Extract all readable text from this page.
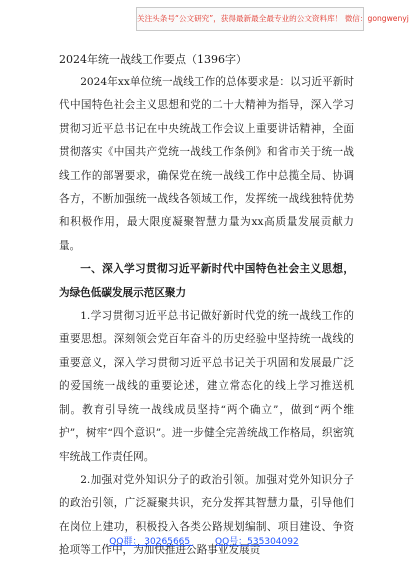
关注头条号“公文研究”，获得最新最全最专业的公文资料库！ 微信：gongwenyj
2024年统一战线工作要点（1396字）

2024年xx单位统一战线工作的总体要求是：以习近平新时代中国特色社会主义思想和党的二十大精神为指导，深入学习贯彻习近平总书记在中央统战工作会议上重要讲话精神，全面贯彻落实《中国共产党统一战线工作条例》和省市关于统一战线工作的部署要求，确保党在统一战线工作中总揽全局、协调各方，不断加强统一战线各领域工作，发挥统一战线独特优势和积极作用，最大限度凝聚智慧力量为xx高质量发展贡献力量。

一、深入学习贯彻习近平新时代中国特色社会主义思想，为绿色低碳发展示范区聚力

1.学习贯彻习近平总书记做好新时代党的统一战线工作的重要思想。深刻领会党百年奋斗的历史经验中坚持统一战线的重要意义，深入学习贯彻习近平总书记关于巩固和发展最广泛的爱国统一战线的重要论述，建立常态化的线上学习推送机制。教育引导统一战线成员坚持“两个确立”，做到“两个维护”，树牢“四个意识”。进一步健全完善统战工作格局，织密筑牢统战工作责任网。

2.加强对党外知识分子的政治引领。加强对党外知识分子的政治引领，广泛凝聚共识，充分发挥其智慧力量，引导他们在岗位上建功，积极投入各类公路规划编制、项目建设、争资抢项等工作中，为加快推进公路事业发展贡

QQ群： 30265665	QQ号：535304092
